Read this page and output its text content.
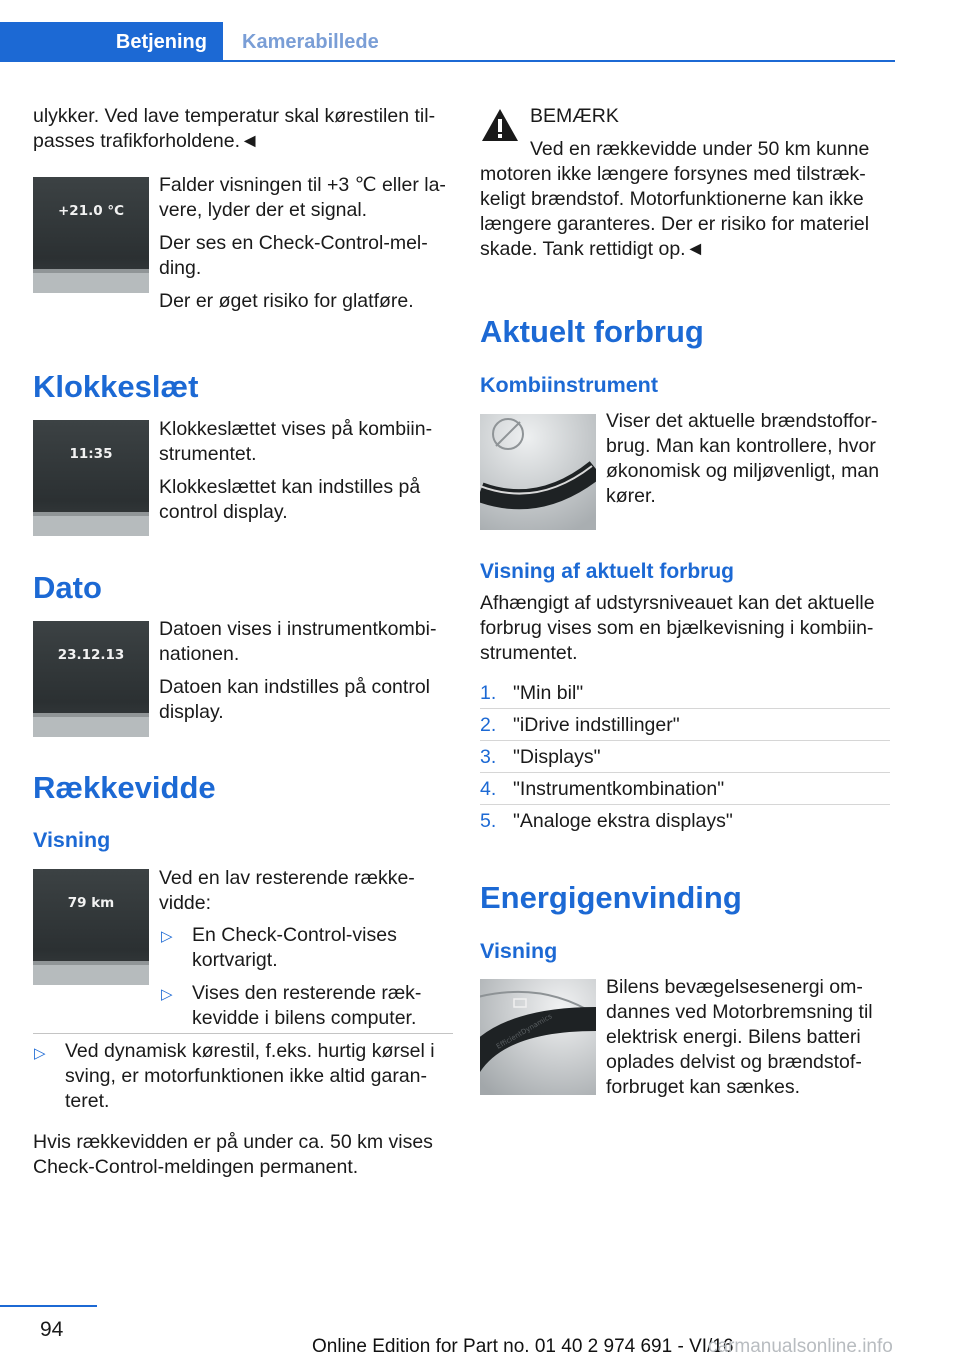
Betjening	Kamerabillede
ulykker. Ved lave temperatur skal kørestilen til‐
passes trafikforholdene.◄
+21.0 °C

Falder visningen til +3 ℃ eller la‐vere, lyder der et signal.

Der ses en Check-Control-mel‐ding.

Der er øget risiko for glatføre.

Klokkeslæt
11:35

Klokkeslættet vises på kombiin‐strumentet.

Klokkeslættet kan indstilles på control display.

Dato
23.12.13

Datoen vises i instrumentkombi‐nationen.

Datoen kan indstilles på control display.

Rækkevidde
Visning
79 km
Ved en lav resterende række‐vidde:
▷ En Check-Control-vises kortvarigt.
▷ Vises den resterende ræk‐kevidde i bilens computer.
▷ Ved dynamisk kørestil, f.eks. hurtig kørsel i sving, er motorfunktionen ikke altid garan‐teret.
Hvis rækkevidden er på under ca. 50 km vises Check-Control-meldingen permanent.
BEMÆRK
Ved en rækkevidde under 50 km kunne
motoren ikke længere forsynes med tilstræk‐keligt brændstof. Motorfunktionerne kan ikke længere garanteres. Der er risiko for materiel skade. Tank rettidigt op.◄
Aktuelt forbrug
Kombiinstrument
Viser det aktuelle brændstoffor‐brug. Man kan kontrollere, hvor økonomisk og miljøvenligt, man kører.
Visning af aktuelt forbrug
Afhængigt af udstyrsniveauet kan det aktuelle forbrug vises som en bjælkevisning i kombiin‐strumentet.
1. "Min bil"
2. "iDrive indstillinger"
3. "Displays"
4. "Instrumentkombination"
5. "Analoge ekstra displays"
Energigenvinding
Visning
EfficientDynamics
Bilens bevægelsesenergi om‐dannes ved Motorbremsning til elektrisk energi. Bilens batteri oplades delvist og brændstof‐forbruget kan sænkes.
94
Online Edition for Part no. 01 40 2 974 691 - VI/16
carmanualsonline.info
